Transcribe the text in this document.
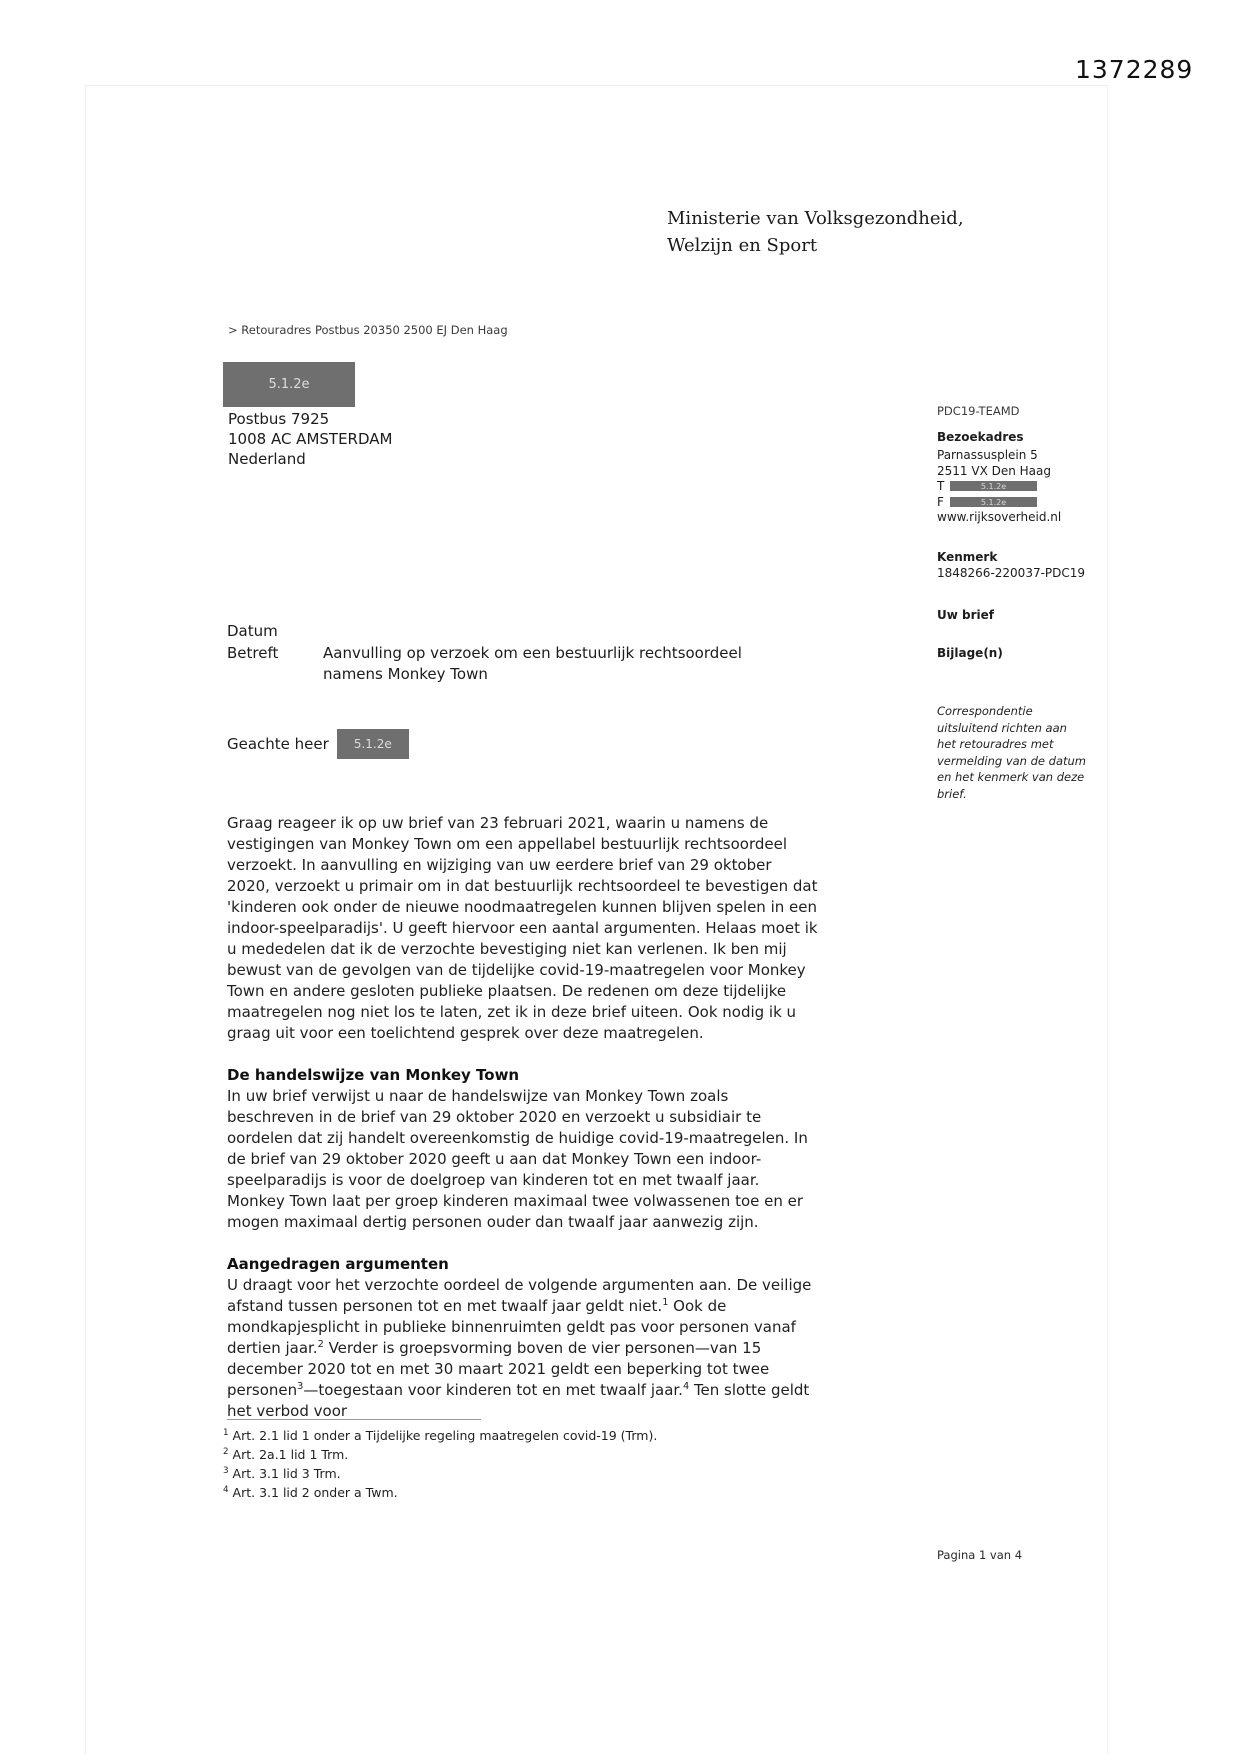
1372289
Ministerie van Volksgezondheid,
Welzijn en Sport
> Retouradres Postbus 20350 2500 EJ Den Haag
5.1.2e
Postbus 7925
1008 AC AMSTERDAM
Nederland
PDC19-TEAMD
Bezoekadres
Parnassusplein 5
2511 VX Den Haag
T	5.1.2e
F	5.1.2e
www.rijksoverheid.nl
Kenmerk
1848266-220037-PDC19
Uw brief
Bijlage(n)
Correspondentie uitsluitend richten aan het retouradres met vermelding van de datum en het kenmerk van deze brief.
Datum
Betreft	Aanvulling op verzoek om een bestuurlijk rechtsoordeel namens Monkey Town
Geachte heer	5.1.2e

Graag reageer ik op uw brief van 23 februari 2021, waarin u namens de vestigingen van Monkey Town om een appellabel bestuurlijk rechtsoordeel verzoekt. In aanvulling en wijziging van uw eerdere brief van 29 oktober 2020, verzoekt u primair om in dat bestuurlijk rechtsoordeel te bevestigen dat 'kinderen ook onder de nieuwe noodmaatregelen kunnen blijven spelen in een indoor-speelparadijs'. U geeft hiervoor een aantal argumenten. Helaas moet ik u mededelen dat ik de verzochte bevestiging niet kan verlenen. Ik ben mij bewust van de gevolgen van de tijdelijke covid-19-maatregelen voor Monkey Town en andere gesloten publieke plaatsen. De redenen om deze tijdelijke maatregelen nog niet los te laten, zet ik in deze brief uiteen. Ook nodig ik u graag uit voor een toelichtend gesprek over deze maatregelen.

De handelswijze van Monkey Town

In uw brief verwijst u naar de handelswijze van Monkey Town zoals beschreven in de brief van 29 oktober 2020 en verzoekt u subsidiair te oordelen dat zij handelt overeenkomstig de huidige covid-19-maatregelen. In de brief van 29 oktober 2020 geeft u aan dat Monkey Town een indoor-speelparadijs is voor de doelgroep van kinderen tot en met twaalf jaar. Monkey Town laat per groep kinderen maximaal twee volwassenen toe en er mogen maximaal dertig personen ouder dan twaalf jaar aanwezig zijn.

Aangedragen argumenten

U draagt voor het verzochte oordeel de volgende argumenten aan. De veilige afstand tussen personen tot en met twaalf jaar geldt niet.$^1$ Ook de mondkapjesplicht in publieke binnenruimten geldt pas voor personen vanaf dertien jaar.$^2$ Verder is groepsvorming boven de vier personen—van 15 december 2020 tot en met 30 maart 2021 geldt een beperking tot twee personen$^3$—toegestaan voor kinderen tot en met twaalf jaar.$^4$ Ten slotte geldt het verbod voor

$^1$ Art. 2.1 lid 1 onder a Tijdelijke regeling maatregelen covid-19 (Trm).
$^2$ Art. 2a.1 lid 1 Trm.
$^3$ Art. 3.1 lid 3 Trm.
$^4$ Art. 3.1 lid 2 onder a Twm.
Pagina 1 van 4
